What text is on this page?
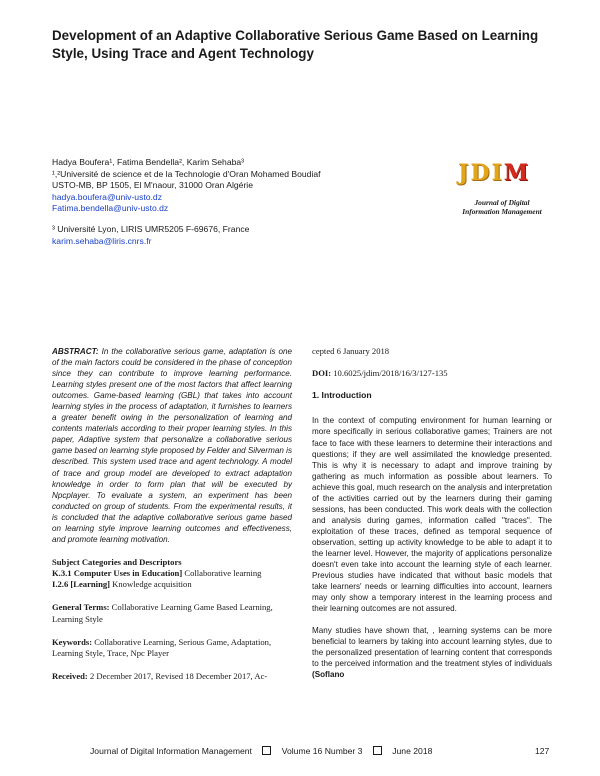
Development of an Adaptive Collaborative Serious Game Based on Learning Style, Using Trace and Agent Technology

Hadya Boufera¹, Fatima Bendella², Karim Sehaba³

¹,²Université de science et de la Technologie d'Oran Mohamed Boudiaf

USTO-MB, BP 1505, El M'naour, 31000 Oran Algérie

hadya.boufera@univ-usto.dz

Fatima.bendella@univ-usto.dz

³ Université Lyon, LIRIS UMR5205 F-69676, France

karim.sehaba@liris.cnrs.fr

JDIM
Journal of Digital
Information Management

ABSTRACT: In the collaborative serious game, adaptation is one of the main factors could be considered in the phase of conception since they can contribute to improve learning performance. Learning styles present one of the most factors that affect learning outcomes. Game-based learning (GBL) that takes into account learning styles in the process of adaptation, it furnishes to learners a greater benefit owing in the personalization of learning and contents materials according to their proper learning styles. In this paper, Adaptive system that personalize a collaborative serious game based on learning style proposed by Felder and Silverman is described. This system used trace and agent technology. A model of trace and group model are developed to extract adaptation knowledge in order to form plan that will be executed by Npcplayer. To evaluate a system, an experiment has been conducted on group of students. From the experimental results, it is concluded that the adaptive collaborative serious game based on learning style improve learning outcomes and effectiveness, and promote learning motivation.

Subject Categories and Descriptors

K.3.1 Computer Uses in Education] Collaborative learning

I.2.6 [Learning] Knowledge acquisition

General Terms: Collaborative Learning Game Based Learning, Learning Style

Keywords: Collaborative Learning, Serious Game, Adaptation, Learning Style, Trace, Npc Player

Received: 2 December 2017, Revised 18 December 2017, Ac-

cepted 6 January 2018

DOI: 10.6025/jdim/2018/16/3/127-135

1. Introduction

In the context of computing environment for human learning or more specifically in serious collaborative games; Trainers are not face to face with these learners to determine their interactions and questions; if they are well assimilated the knowledge presented. This is why it is necessary to adapt and improve training by gathering as much information as possible about learners. To achieve this goal, much research on the analysis and interpretation of the activities carried out by the learners during their gaming sessions, has been conducted. This work deals with the collection and analysis during games, information called "traces". The exploitation of these traces, defined as temporal sequence of observation, setting up activity knowledge to be able to adapt it to the learner level. However, the majority of applications personalize doesn't even take into account the learning style of each learner. Previous studies have indicated that without basic models that take learners' needs or learning difficulties into account, learners may only show a temporary interest in the learning process and their learning outcomes are not assured.

Many studies have shown that, , learning systems can be more beneficial to learners by taking into account learning styles, due to the personalized presentation of learning content that corresponds to the perceived information and the treatment styles of individuals (Soflano

Journal of Digital Information Management	Volume 16 Number 3	June 2018	127
